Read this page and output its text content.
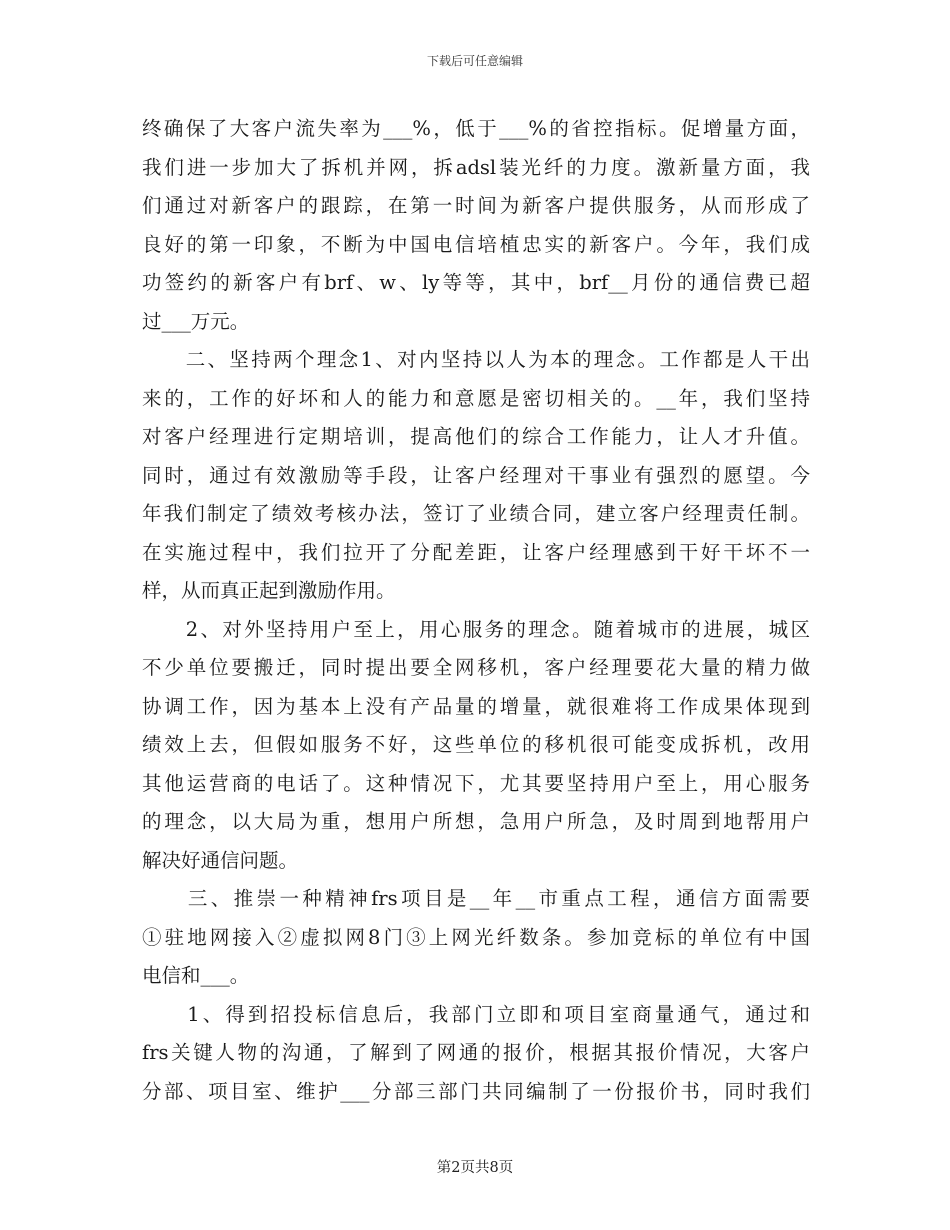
下载后可任意编辑
终确保了大客户流失率为___%，低于___%的省控指标。促增量方面，
我们进一步加大了拆机并网，拆adsl装光纤的力度。激新量方面，我
们通过对新客户的跟踪，在第一时间为新客户提供服务，从而形成了
良好的第一印象，不断为中国电信培植忠实的新客户。今年，我们成
功签约的新客户有brf、w、ly等等，其中，brf__月份的通信费已超
过___万元。
　　二、坚持两个理念1、对内坚持以人为本的理念。工作都是人干出
来的，工作的好坏和人的能力和意愿是密切相关的。__年，我们坚持
对客户经理进行定期培训，提高他们的综合工作能力，让人才升值。
同时，通过有效激励等手段，让客户经理对干事业有强烈的愿望。今
年我们制定了绩效考核办法，签订了业绩合同，建立客户经理责任制。
在实施过程中，我们拉开了分配差距，让客户经理感到干好干坏不一
样，从而真正起到激励作用。
　　2、对外坚持用户至上，用心服务的理念。随着城市的进展，城区
不少单位要搬迁，同时提出要全网移机，客户经理要花大量的精力做
协调工作，因为基本上没有产品量的增量，就很难将工作成果体现到
绩效上去，但假如服务不好，这些单位的移机很可能变成拆机，改用
其他运营商的电话了。这种情况下，尤其要坚持用户至上，用心服务
的理念，以大局为重，想用户所想，急用户所急，及时周到地帮用户
解决好通信问题。
　　三、推崇一种精神frs项目是__年__市重点工程，通信方面需要
①驻地网接入②虚拟网8门③上网光纤数条。参加竞标的单位有中国
电信和___。
　　1、得到招投标信息后，我部门立即和项目室商量通气，通过和
frs关键人物的沟通，了解到了网通的报价，根据其报价情况，大客户
分部、项目室、维护___分部三部门共同编制了一份报价书，同时我们
第2页共8页
